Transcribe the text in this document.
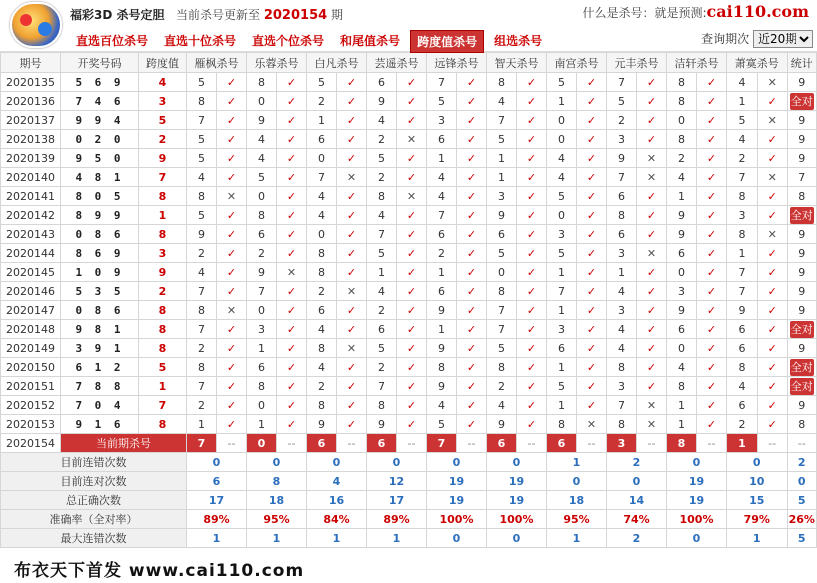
福彩3D 杀号定胆 当前杀号更新至 2020154 期	什么是杀号：就是预测:cai110.com
直选百位杀号	直选十位杀号	直选个位杀号	和尾值杀号	跨度值杀号	组选杀号	查询期次
近20期
期号	开奖号码	跨度值	雁枫杀号		乐蓉杀号		白凡杀号		芸遥杀号		远锋杀号		智天杀号		南宫杀号		元丰杀号		洁轩杀号		萧寞杀号		统计
2020135	5 6 9	4	5	✓	8	✓	5	✓	6	✓	7	✓	8	✓	5	✓	7	✓	8	✓	4	✕	9
2020136	7 4 6	3	8	✓	0	✓	2	✓	9	✓	5	✓	4	✓	1	✓	5	✓	8	✓	1	✓	全对
2020137	9 9 4	5	7	✓	9	✓	1	✓	4	✓	3	✓	7	✓	0	✓	2	✓	0	✓	5	✕	9
2020138	0 2 0	2	5	✓	4	✓	6	✓	2	✕	6	✓	5	✓	0	✓	3	✓	8	✓	4	✓	9
2020139	9 5 0	9	5	✓	4	✓	0	✓	5	✓	1	✓	1	✓	4	✓	9	✕	2	✓	2	✓	9
2020140	4 8 1	7	4	✓	5	✓	7	✕	2	✓	4	✓	1	✓	4	✓	7	✕	4	✓	7	✕	7
2020141	8 0 5	8	8	✕	0	✓	4	✓	8	✕	4	✓	3	✓	5	✓	6	✓	1	✓	8	✓	8
2020142	8 9 9	1	5	✓	8	✓	4	✓	4	✓	7	✓	9	✓	0	✓	8	✓	9	✓	3	✓	全对
2020143	0 8 6	8	9	✓	6	✓	0	✓	7	✓	6	✓	6	✓	3	✓	6	✓	9	✓	8	✕	9
2020144	8 6 9	3	2	✓	2	✓	8	✓	5	✓	2	✓	5	✓	5	✓	3	✕	6	✓	1	✓	9
2020145	1 0 9	9	4	✓	9	✕	8	✓	1	✓	1	✓	0	✓	1	✓	1	✓	0	✓	7	✓	9
2020146	5 3 5	2	7	✓	7	✓	2	✕	4	✓	6	✓	8	✓	7	✓	4	✓	3	✓	7	✓	9
2020147	0 8 6	8	8	✕	0	✓	6	✓	2	✓	9	✓	7	✓	1	✓	3	✓	9	✓	9	✓	9
2020148	9 8 1	8	7	✓	3	✓	4	✓	6	✓	1	✓	7	✓	3	✓	4	✓	6	✓	6	✓	全对
2020149	3 9 1	8	2	✓	1	✓	8	✕	5	✓	9	✓	5	✓	6	✓	4	✓	0	✓	6	✓	9
2020150	6 1 2	5	8	✓	6	✓	4	✓	2	✓	8	✓	8	✓	1	✓	8	✓	4	✓	8	✓	全对
2020151	7 8 8	1	7	✓	8	✓	2	✓	7	✓	9	✓	2	✓	5	✓	3	✓	8	✓	4	✓	全对
2020152	7 0 4	7	2	✓	0	✓	8	✓	8	✓	4	✓	4	✓	1	✓	7	✕	1	✓	6	✓	9
2020153	9 1 6	8	1	✓	1	✓	9	✓	9	✓	5	✓	9	✓	8	✕	8	✕	1	✓	2	✓	8
2020154	当前期杀号		7	--	0	--	6	--	6	--	7	--	6	--	6	--	3	--	8	--	1	--	--
目前连错次数			0		0		0		0		0		0		1		2		0		0		2
目前连对次数			6		8		4		12		19		19		0		0		19		10		0
总正确次数			17		18		16		17		19		19		18		14		19		15		5
准确率（全对率）			89%		95%		84%		89%		100%		100%		95%		74%		100%		79%		26%
最大连错次数			1		1		1		1		0		0		1		2		0		1		5
布衣天下首发 www.cai110.com
